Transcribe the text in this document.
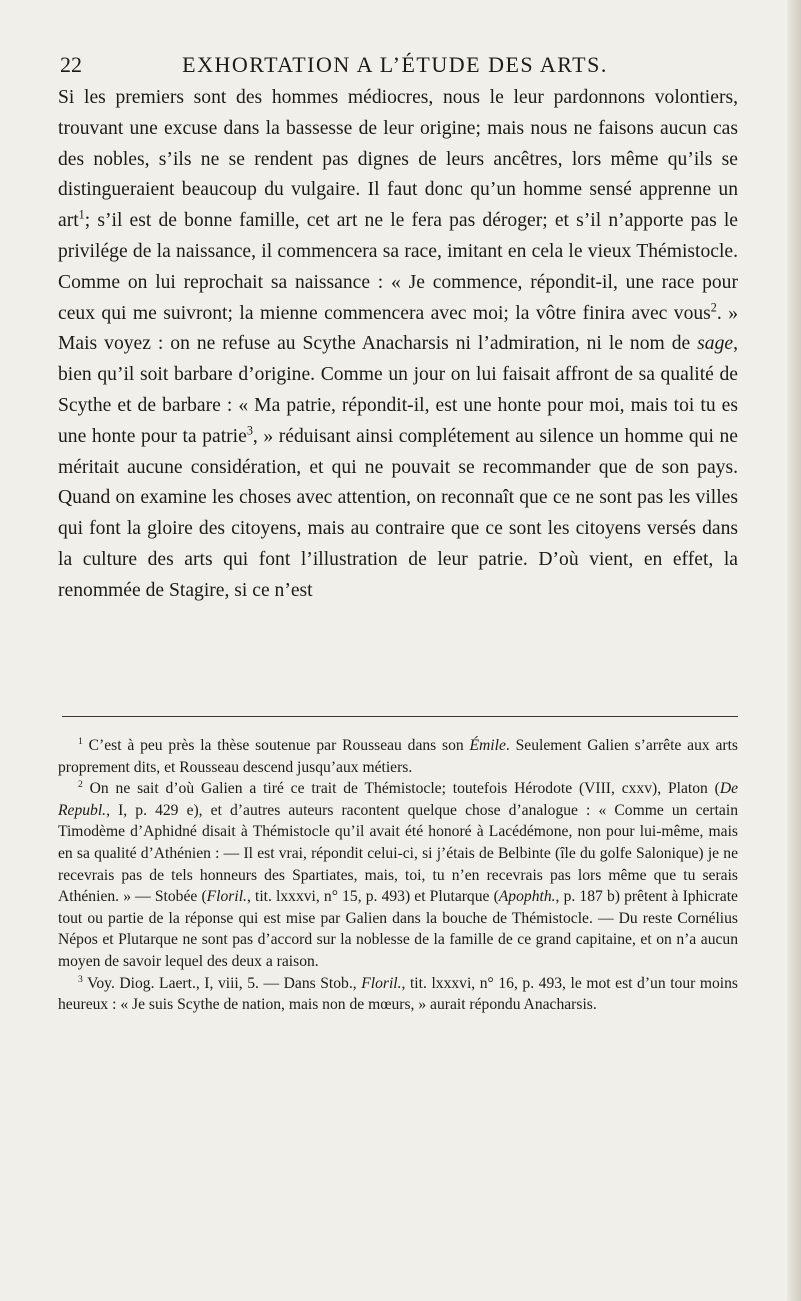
22	EXHORTATION A L’ÉTUDE DES ARTS.

Si les premiers sont des hommes médiocres, nous le leur pardonnons volontiers, trouvant une excuse dans la bassesse de leur origine; mais nous ne faisons aucun cas des nobles, s’ils ne se rendent pas dignes de leurs ancêtres, lors même qu’ils se distingueraient beaucoup du vulgaire. Il faut donc qu’un homme sensé apprenne un art$^1$; s’il est de bonne famille, cet art ne le fera pas déroger; et s’il n’apporte pas le privilége de la naissance, il commencera sa race, imitant en cela le vieux Thémistocle. Comme on lui reprochait sa naissance : « Je commence, répondit-il, une race pour ceux qui me suivront; la mienne commencera avec moi; la vôtre finira avec vous$^2$. » Mais voyez : on ne refuse au Scythe Anacharsis ni l’admiration, ni le nom de sage, bien qu’il soit barbare d’origine. Comme un jour on lui faisait affront de sa qualité de Scythe et de barbare : « Ma patrie, répondit-il, est une honte pour moi, mais toi tu es une honte pour ta patrie$^3$, » réduisant ainsi complétement au silence un homme qui ne méritait aucune considération, et qui ne pouvait se recommander que de son pays. Quand on examine les choses avec attention, on reconnaît que ce ne sont pas les villes qui font la gloire des citoyens, mais au contraire que ce sont les citoyens versés dans la culture des arts qui font l’illustration de leur patrie. D’où vient, en effet, la renommée de Stagire, si ce n’est

$^1$ C’est à peu près la thèse soutenue par Rousseau dans son Émile. Seulement Galien s’arrête aux arts proprement dits, et Rousseau descend jusqu’aux métiers.

$^2$ On ne sait d’où Galien a tiré ce trait de Thémistocle; toutefois Hérodote (VIII, cxxv), Platon (De Republ., I, p. 429 e), et d’autres auteurs racontent quelque chose d’analogue : « Comme un certain Timodème d’Aphidné disait à Thémistocle qu’il avait été honoré à Lacédémone, non pour lui-même, mais en sa qualité d’Athénien : — Il est vrai, répondit celui-ci, si j’étais de Belbinte (île du golfe Salonique) je ne recevrais pas de tels honneurs des Spartiates, mais, toi, tu n’en recevrais pas lors même que tu serais Athénien. » — Stobée (Floril., tit. lxxxvi, n° 15, p. 493) et Plutarque (Apophth., p. 187 b) prêtent à Iphicrate tout ou partie de la réponse qui est mise par Galien dans la bouche de Thémistocle. — Du reste Cornélius Népos et Plutarque ne sont pas d’accord sur la noblesse de la famille de ce grand capitaine, et on n’a aucun moyen de savoir lequel des deux a raison.

$^3$ Voy. Diog. Laert., I, viii, 5. — Dans Stob., Floril., tit. lxxxvi, n° 16, p. 493, le mot est d’un tour moins heureux : « Je suis Scythe de nation, mais non de mœurs, » aurait répondu Anacharsis.
